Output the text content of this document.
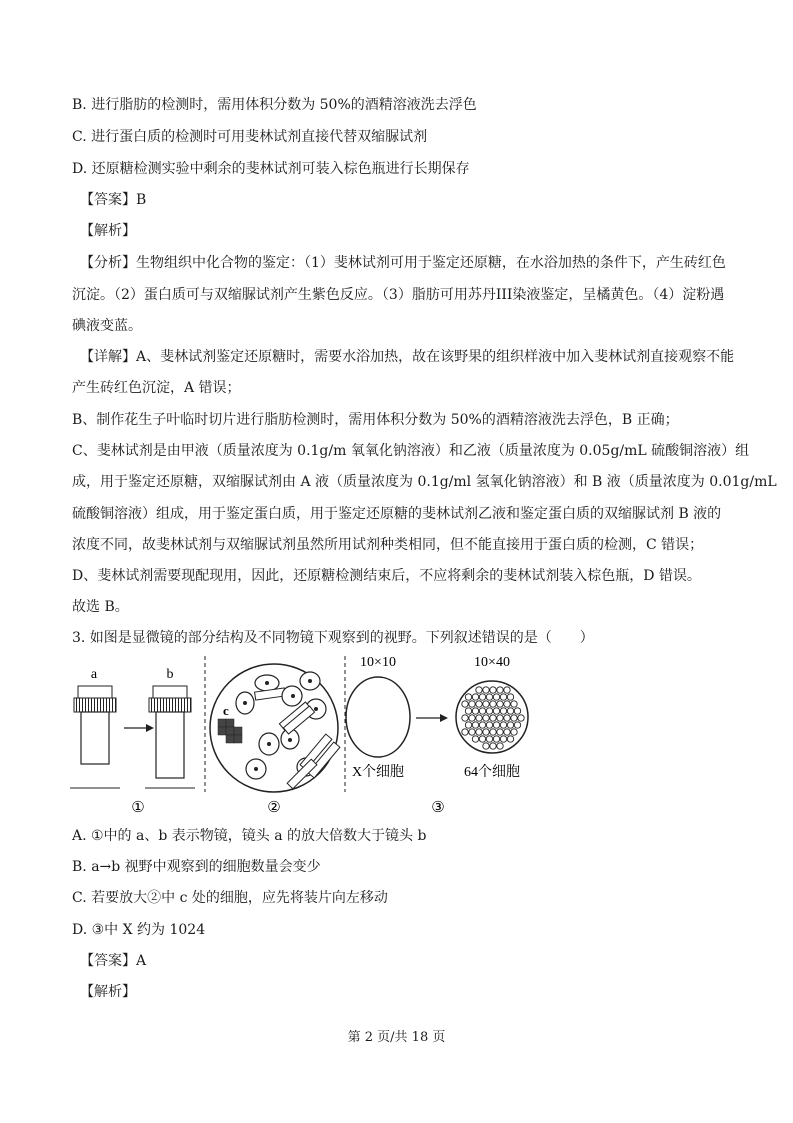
B. 进行脂肪的检测时，需用体积分数为 50%的酒精溶液洗去浮色
C. 进行蛋白质的检测时可用斐林试剂直接代替双缩脲试剂
D. 还原糖检测实验中剩余的斐林试剂可装入棕色瓶进行长期保存
【答案】B
【解析】
【分析】生物组织中化合物的鉴定：（1）斐林试剂可用于鉴定还原糖，在水浴加热的条件下，产生砖红色
沉淀。（2）蛋白质可与双缩脲试剂产生紫色反应。（3）脂肪可用苏丹III染液鉴定，呈橘黄色。（4）淀粉遇
碘液变蓝。
【详解】A、斐林试剂鉴定还原糖时，需要水浴加热，故在该野果的组织样液中加入斐林试剂直接观察不能
产生砖红色沉淀，A 错误；
B、制作花生子叶临时切片进行脂肪检测时，需用体积分数为 50%的酒精溶液洗去浮色，B 正确；
C、斐林试剂是由甲液（质量浓度为 0.1g/m 氧氧化钠溶液）和乙液（质量浓度为 0.05g/mL 硫酸铜溶液）组
成，用于鉴定还原糖，双缩脲试剂由 A 液（质量浓度为 0.1g/ml 氢氧化钠溶液）和 B 液（质量浓度为 0.01g/mL
硫酸铜溶液）组成，用于鉴定蛋白质，用于鉴定还原糖的斐林试剂乙液和鉴定蛋白质的双缩脲试剂 B 液的
浓度不同，故斐林试剂与双缩脲试剂虽然所用试剂种类相同，但不能直接用于蛋白质的检测，C 错误；
D、斐林试剂需要现配现用，因此，还原糖检测结束后，不应将剩余的斐林试剂装入棕色瓶，D 错误。
故选 B。
3. 如图是显微镜的部分结构及不同物镜下观察到的视野。下列叙述错误的是（　　）
a	b
c
10×10
X个细胞
10×40
64个细胞
①	②	③
A. ①中的 a、b 表示物镜，镜头 a 的放大倍数大于镜头 b
B. a→b 视野中观察到的细胞数量会变少
C. 若要放大②中 c 处的细胞，应先将装片向左移动
D. ③中 X 约为 1024
【答案】A
【解析】
第 2 页/共 18 页
